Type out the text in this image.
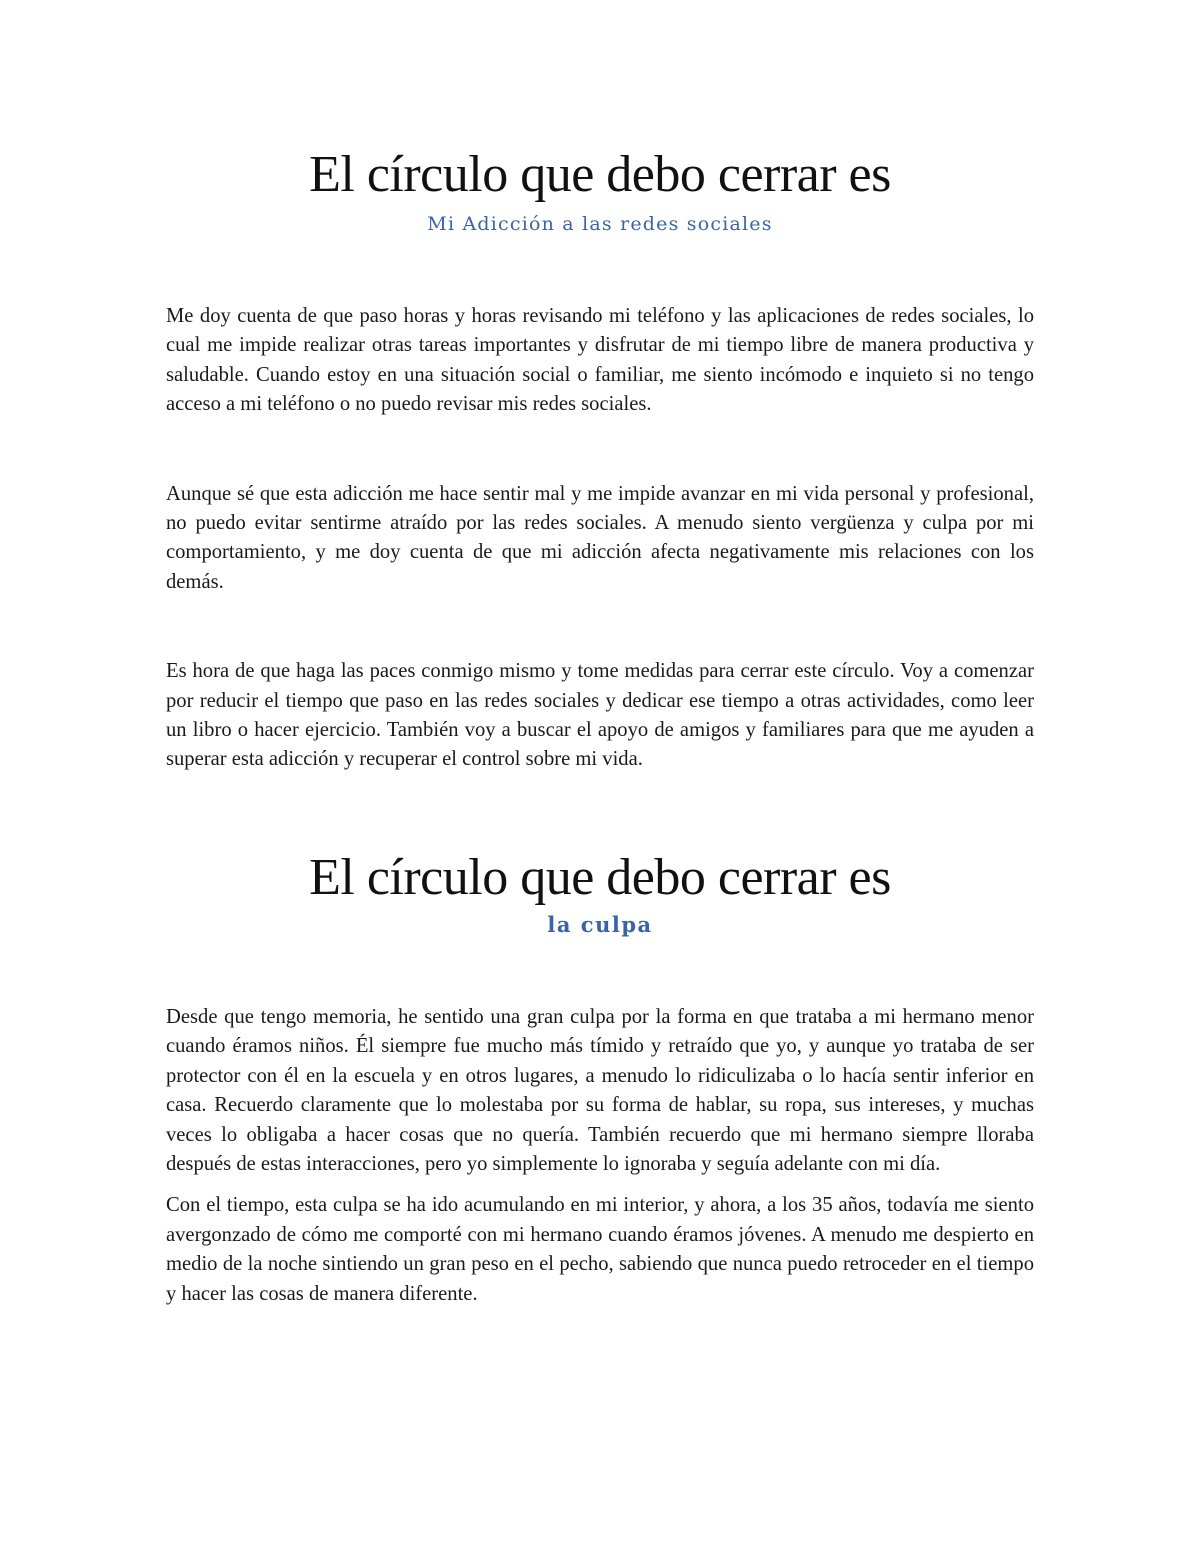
El círculo que debo cerrar es

Mi Adicción a las redes sociales

Me doy cuenta de que paso horas y horas revisando mi teléfono y las aplicaciones de redes sociales, lo cual me impide realizar otras tareas importantes y disfrutar de mi tiempo libre de manera productiva y saludable. Cuando estoy en una situación social o familiar, me siento incómodo e inquieto si no tengo acceso a mi teléfono o no puedo revisar mis redes sociales.

Aunque sé que esta adicción me hace sentir mal y me impide avanzar en mi vida personal y profesional, no puedo evitar sentirme atraído por las redes sociales. A menudo siento vergüenza y culpa por mi comportamiento, y me doy cuenta de que mi adicción afecta negativamente mis relaciones con los demás.

Es hora de que haga las paces conmigo mismo y tome medidas para cerrar este círculo. Voy a comenzar por reducir el tiempo que paso en las redes sociales y dedicar ese tiempo a otras actividades, como leer un libro o hacer ejercicio. También voy a buscar el apoyo de amigos y familiares para que me ayuden a superar esta adicción y recuperar el control sobre mi vida.

El círculo que debo cerrar es

la culpa

Desde que tengo memoria, he sentido una gran culpa por la forma en que trataba a mi hermano menor cuando éramos niños. Él siempre fue mucho más tímido y retraído que yo, y aunque yo trataba de ser protector con él en la escuela y en otros lugares, a menudo lo ridiculizaba o lo hacía sentir inferior en casa. Recuerdo claramente que lo molestaba por su forma de hablar, su ropa, sus intereses, y muchas veces lo obligaba a hacer cosas que no quería. También recuerdo que mi hermano siempre lloraba después de estas interacciones, pero yo simplemente lo ignoraba y seguía adelante con mi día.

Con el tiempo, esta culpa se ha ido acumulando en mi interior, y ahora, a los 35 años, todavía me siento avergonzado de cómo me comporté con mi hermano cuando éramos jóvenes. A menudo me despierto en medio de la noche sintiendo un gran peso en el pecho, sabiendo que nunca puedo retroceder en el tiempo y hacer las cosas de manera diferente.
